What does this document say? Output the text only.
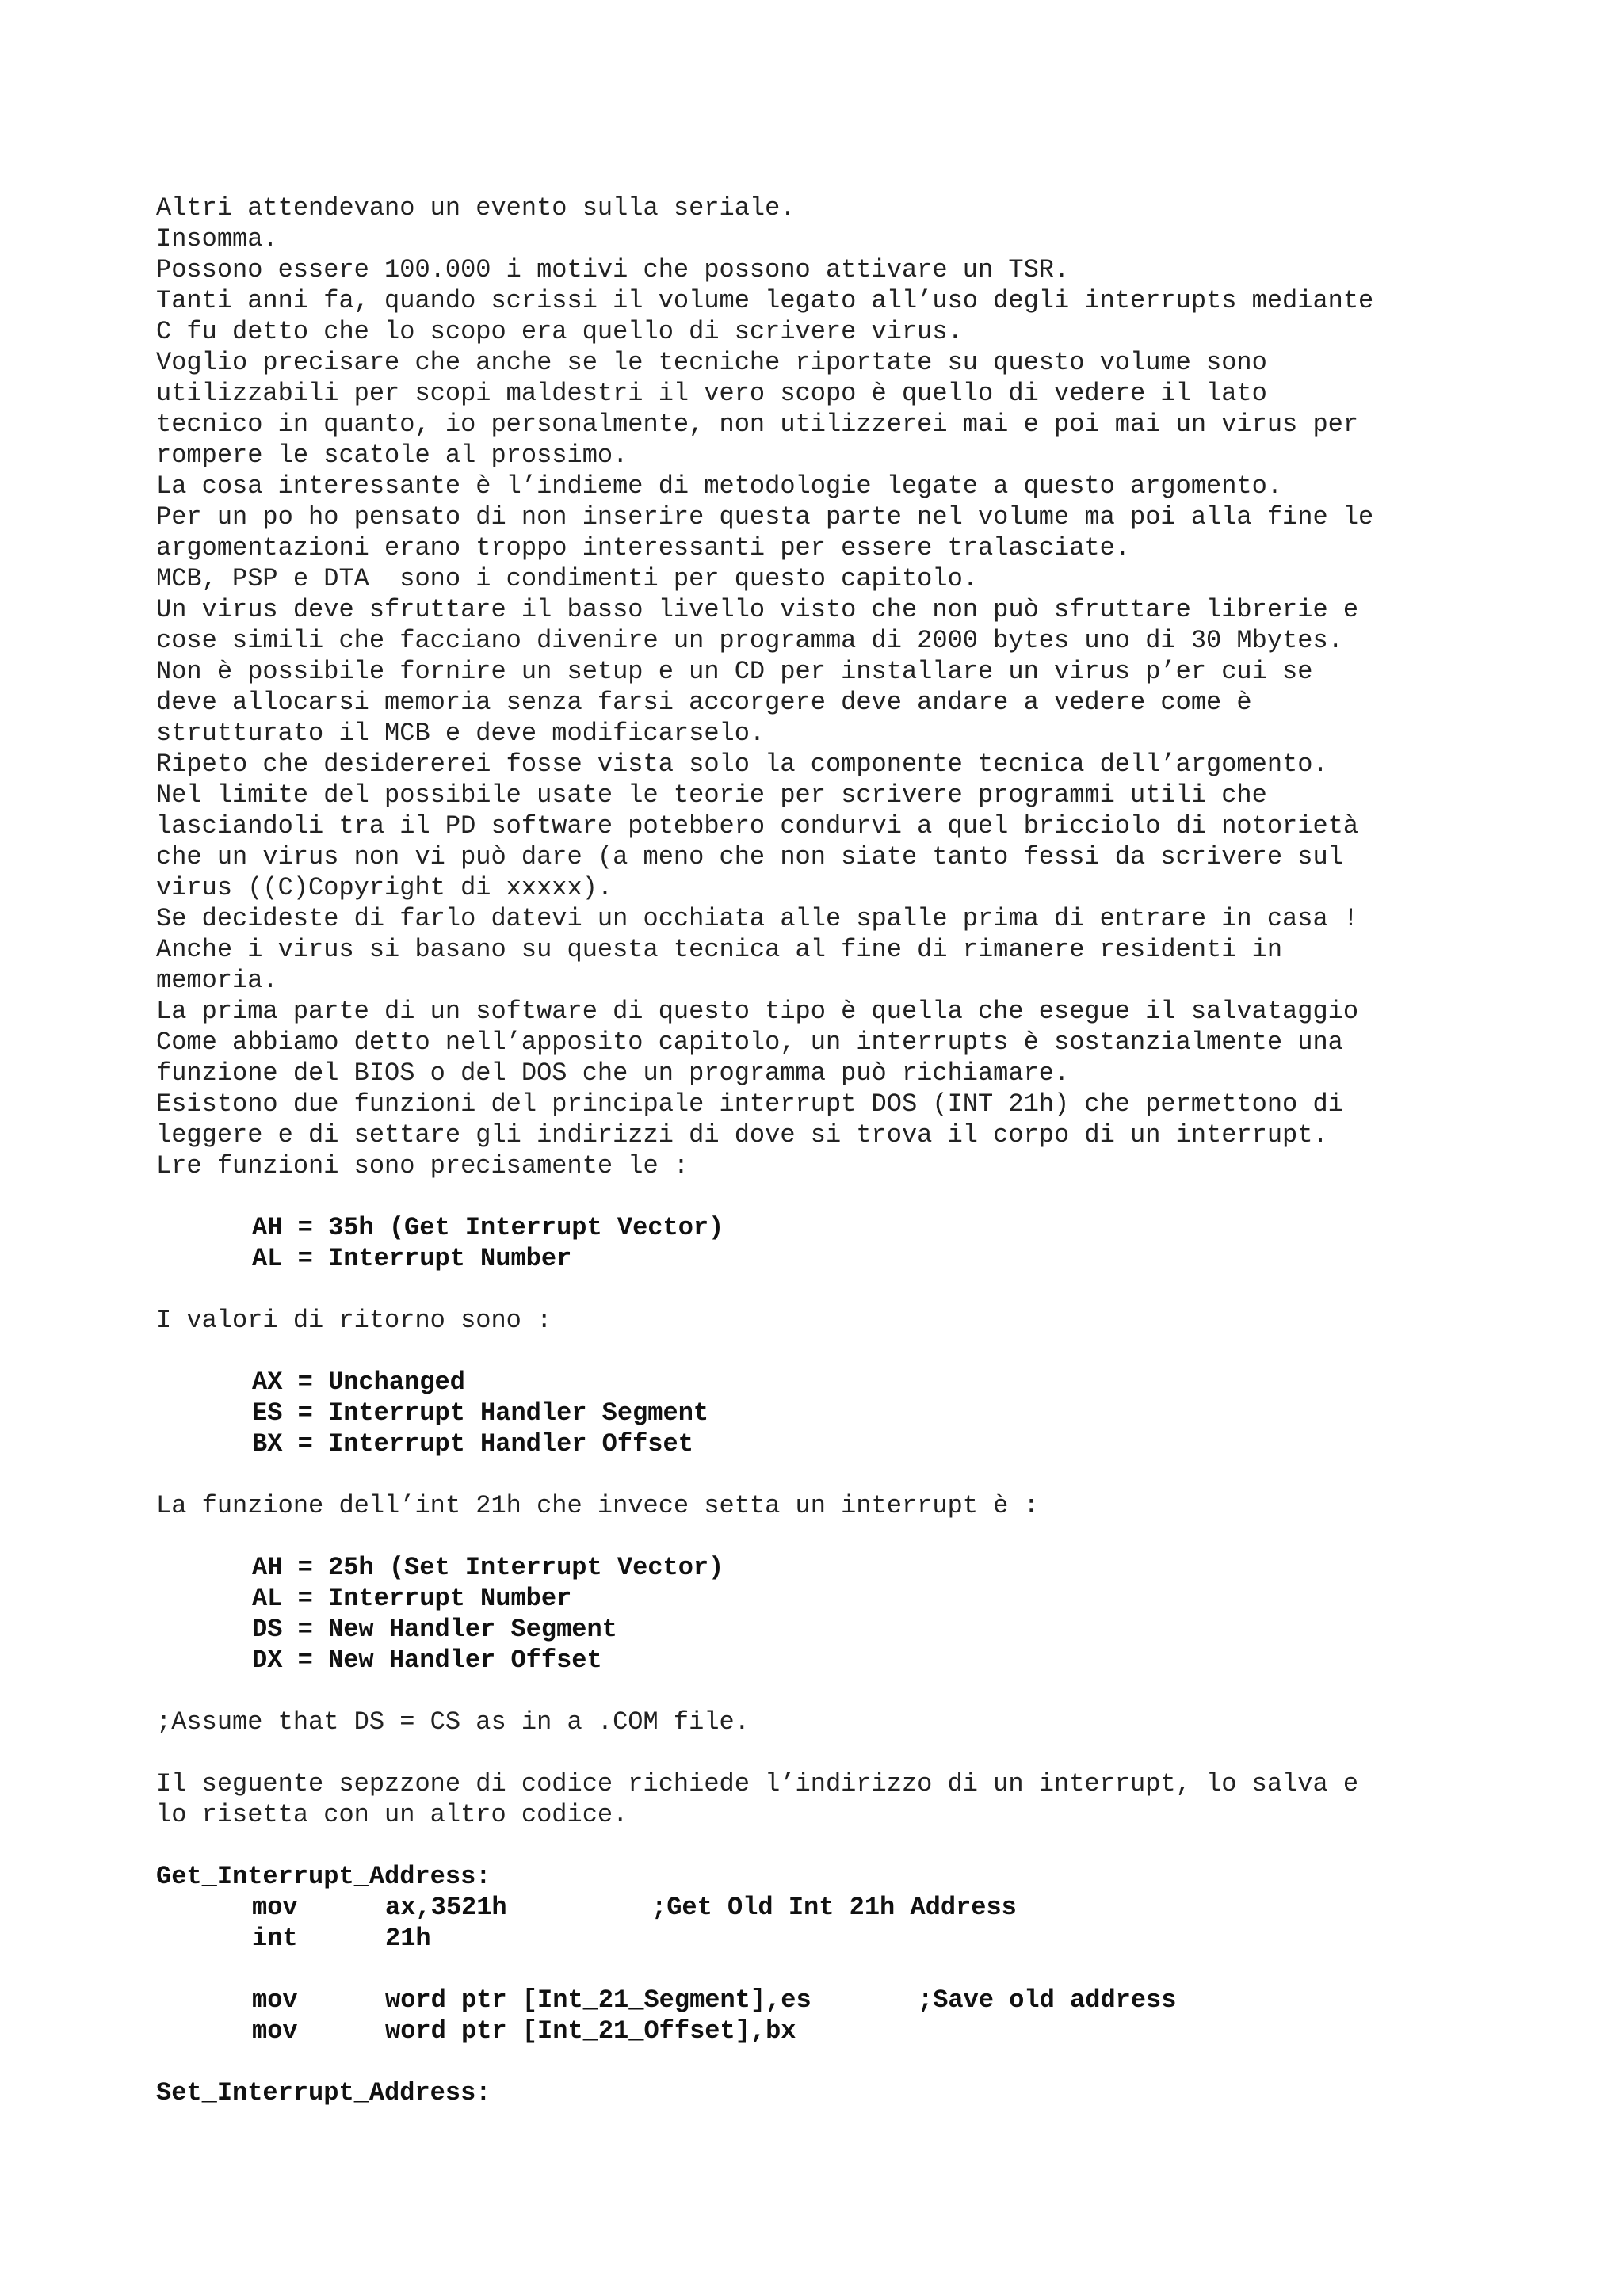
Altri attendevano un evento sulla seriale.
Insomma.
Possono essere 100.000 i motivi che possono attivare un TSR.
Tanti anni fa, quando scrissi il volume legato all’uso degli interrupts mediante
C fu detto che lo scopo era quello di scrivere virus.
Voglio precisare che anche se le tecniche riportate su questo volume sono
utilizzabili per scopi maldestri il vero scopo è quello di vedere il lato
tecnico in quanto, io personalmente, non utilizzerei mai e poi mai un virus per
rompere le scatole al prossimo.
La cosa interessante è l’indieme di metodologie legate a questo argomento.
Per un po ho pensato di non inserire questa parte nel volume ma poi alla fine le
argomentazioni erano troppo interessanti per essere tralasciate.
MCB, PSP e DTA  sono i condimenti per questo capitolo.
Un virus deve sfruttare il basso livello visto che non può sfruttare librerie e
cose simili che facciano divenire un programma di 2000 bytes uno di 30 Mbytes.
Non è possibile fornire un setup e un CD per installare un virus p’er cui se
deve allocarsi memoria senza farsi accorgere deve andare a vedere come è
strutturato il MCB e deve modificarselo.
Ripeto che desidererei fosse vista solo la componente tecnica dell’argomento.
Nel limite del possibile usate le teorie per scrivere programmi utili che
lasciandoli tra il PD software potebbero condurvi a quel bricciolo di notorietà
che un virus non vi può dare (a meno che non siate tanto fessi da scrivere sul
virus ((C)Copyright di xxxxx).
Se decideste di farlo datevi un occhiata alle spalle prima di entrare in casa !
Anche i virus si basano su questa tecnica al fine di rimanere residenti in
memoria.
La prima parte di un software di questo tipo è quella che esegue il salvataggio
Come abbiamo detto nell’apposito capitolo, un interrupts è sostanzialmente una
funzione del BIOS o del DOS che un programma può richiamare.
Esistono due funzioni del principale interrupt DOS (INT 21h) che permettono di
leggere e di settare gli indirizzi di dove si trova il corpo di un interrupt.
Lre funzioni sono precisamente le :
AH = 35h (Get Interrupt Vector)
AL = Interrupt Number
I valori di ritorno sono :
AX = Unchanged
ES = Interrupt Handler Segment
BX = Interrupt Handler Offset
La funzione dell’int 21h che invece setta un interrupt è :
AH = 25h (Set Interrupt Vector)
AL = Interrupt Number
DS = New Handler Segment
DX = New Handler Offset
;Assume that DS = CS as in a .COM file.
Il seguente sepzzone di codice richiede l’indirizzo di un interrupt, lo salva e
lo risetta con un altro codice.
Get_Interrupt_Address:
mov	ax,3521h	;Get Old Int 21h Address
int	21h
mov	word ptr [Int_21_Segment],es	;Save old address
mov	word ptr [Int_21_Offset],bx
Set_Interrupt_Address:
